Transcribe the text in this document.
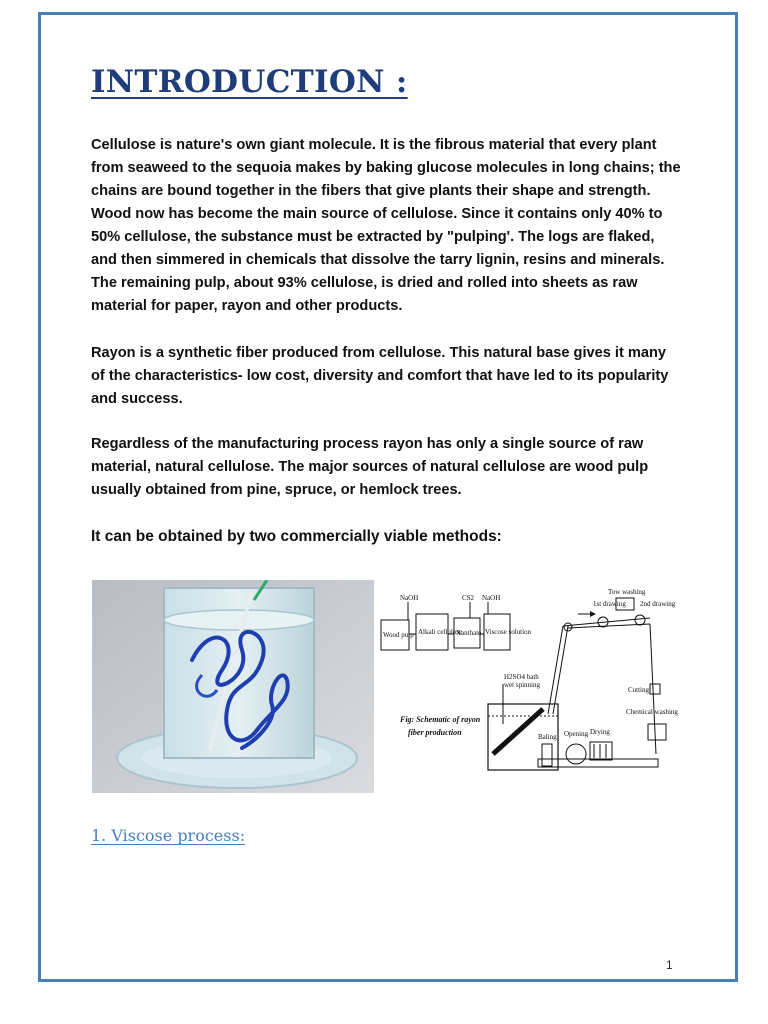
INTRODUCTION :

Cellulose is nature's own giant molecule. It is the fibrous material that every plant from seaweed to the sequoia makes by baking glucose molecules in long chains; the chains are bound together in the fibers that give plants their shape and strength. Wood now has become the main source of cellulose. Since it contains only 40% to 50% cellulose, the substance must be extracted by "pulping'. The logs are flaked, and then simmered in chemicals that dissolve the tarry lignin, resins and minerals. The remaining pulp, about 93% cellulose, is dried and rolled into sheets as raw material for paper, rayon and other products.

Rayon is a synthetic fiber produced from cellulose. This natural base gives it many of the characteristics- low cost, diversity and comfort that have led to its popularity and success.

Regardless of the manufacturing process rayon has only a single source of raw material, natural cellulose. The major sources of natural cellulose are wood pulp usually obtained from pine, spruce, or hemlock trees.

It can be obtained by two commercially viable methods:

Wood pulp Alkali cellulose
Xanthate Viscose solution
NaOH	CS2 NaOH
Fig: Schematic of rayon
fiber production
H2SO4 bath
wet spinning
Tow washing
1st drawing 2nd drawing
Cutting
Chemical washing
Baling Opening Drying

1. Viscose process:

1
